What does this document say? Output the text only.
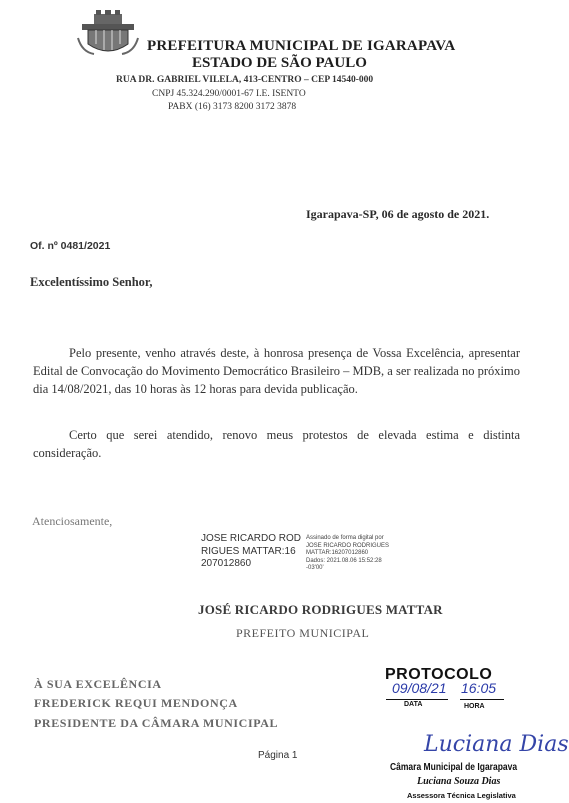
PREFEITURA MUNICIPAL DE IGARAPAVA
ESTADO DE SÃO PAULO
RUA DR. GABRIEL VILELA, 413-CENTRO – CEP 14540-000
CNPJ 45.324.290/0001-67 I.E. ISENTO
PABX (16) 3173 8200 3172 3878
Igarapava-SP, 06 de agosto de 2021.
Of. nº 0481/2021
Excelentíssimo Senhor,

Pelo presente, venho através deste, à honrosa presença de Vossa Excelência, apresentar Edital de Convocação do Movimento Democrático Brasileiro – MDB, a ser realizada no próximo dia 14/08/2021, das 10 horas às 12 horas para devida publicação.

Certo que serei atendido, renovo meus protestos de elevada estima e distinta consideração.

Atenciosamente,
JOSE RICARDO RODRIGUES MATTAR:16207012860
Assinado de forma digital por
JOSE RICARDO RODRIGUES
MATTAR:16207012860
Dados: 2021.08.06 15:52:28
-03'00'
JOSÉ RICARDO RODRIGUES MATTAR
PREFEITO MUNICIPAL
À SUA EXCELÊNCIA
FREDERICK REQUI MENDONÇA
PRESIDENTE DA CÂMARA MUNICIPAL
Página 1
PROTOCOLO
09/08/21 16:05
DATA	HORA
Luciana Dias
Câmara Municipal de Igarapava
Luciana Souza Dias
Assessora Técnica Legislativa
